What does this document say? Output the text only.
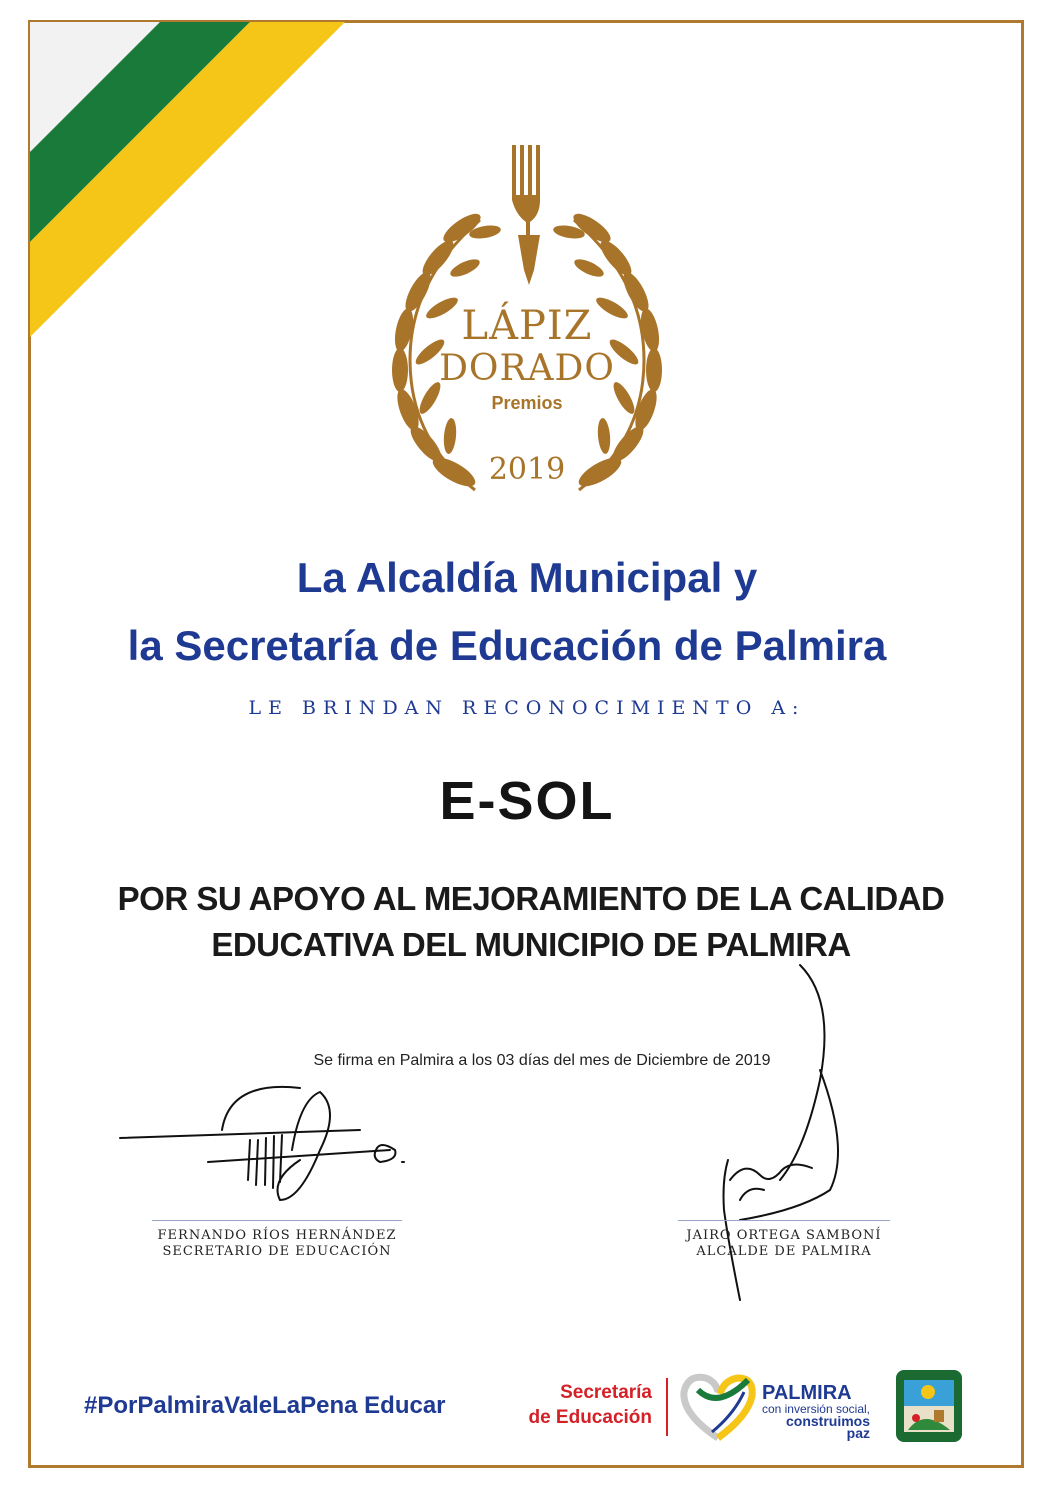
LÁPIZ
DORADO
Premios
2019
La Alcaldía Municipal y
la Secretaría de Educación de Palmira
LE BRINDAN RECONOCIMIENTO A:
E-SOL
POR SU APOYO AL MEJORAMIENTO DE LA CALIDAD
EDUCATIVA DEL MUNICIPIO DE PALMIRA
Se firma en Palmira a los 03 días del mes de Diciembre de 2019
FERNANDO RÍOS HERNÁNDEZ
SECRETARIO DE EDUCACIÓN
JAIRO ORTEGA SAMBONÍ
ALCALDE DE PALMIRA
#PorPalmiraValeLaPena Educar	Secretaría
de Educación
PALMIRA
con inversión social,
construimos paz
